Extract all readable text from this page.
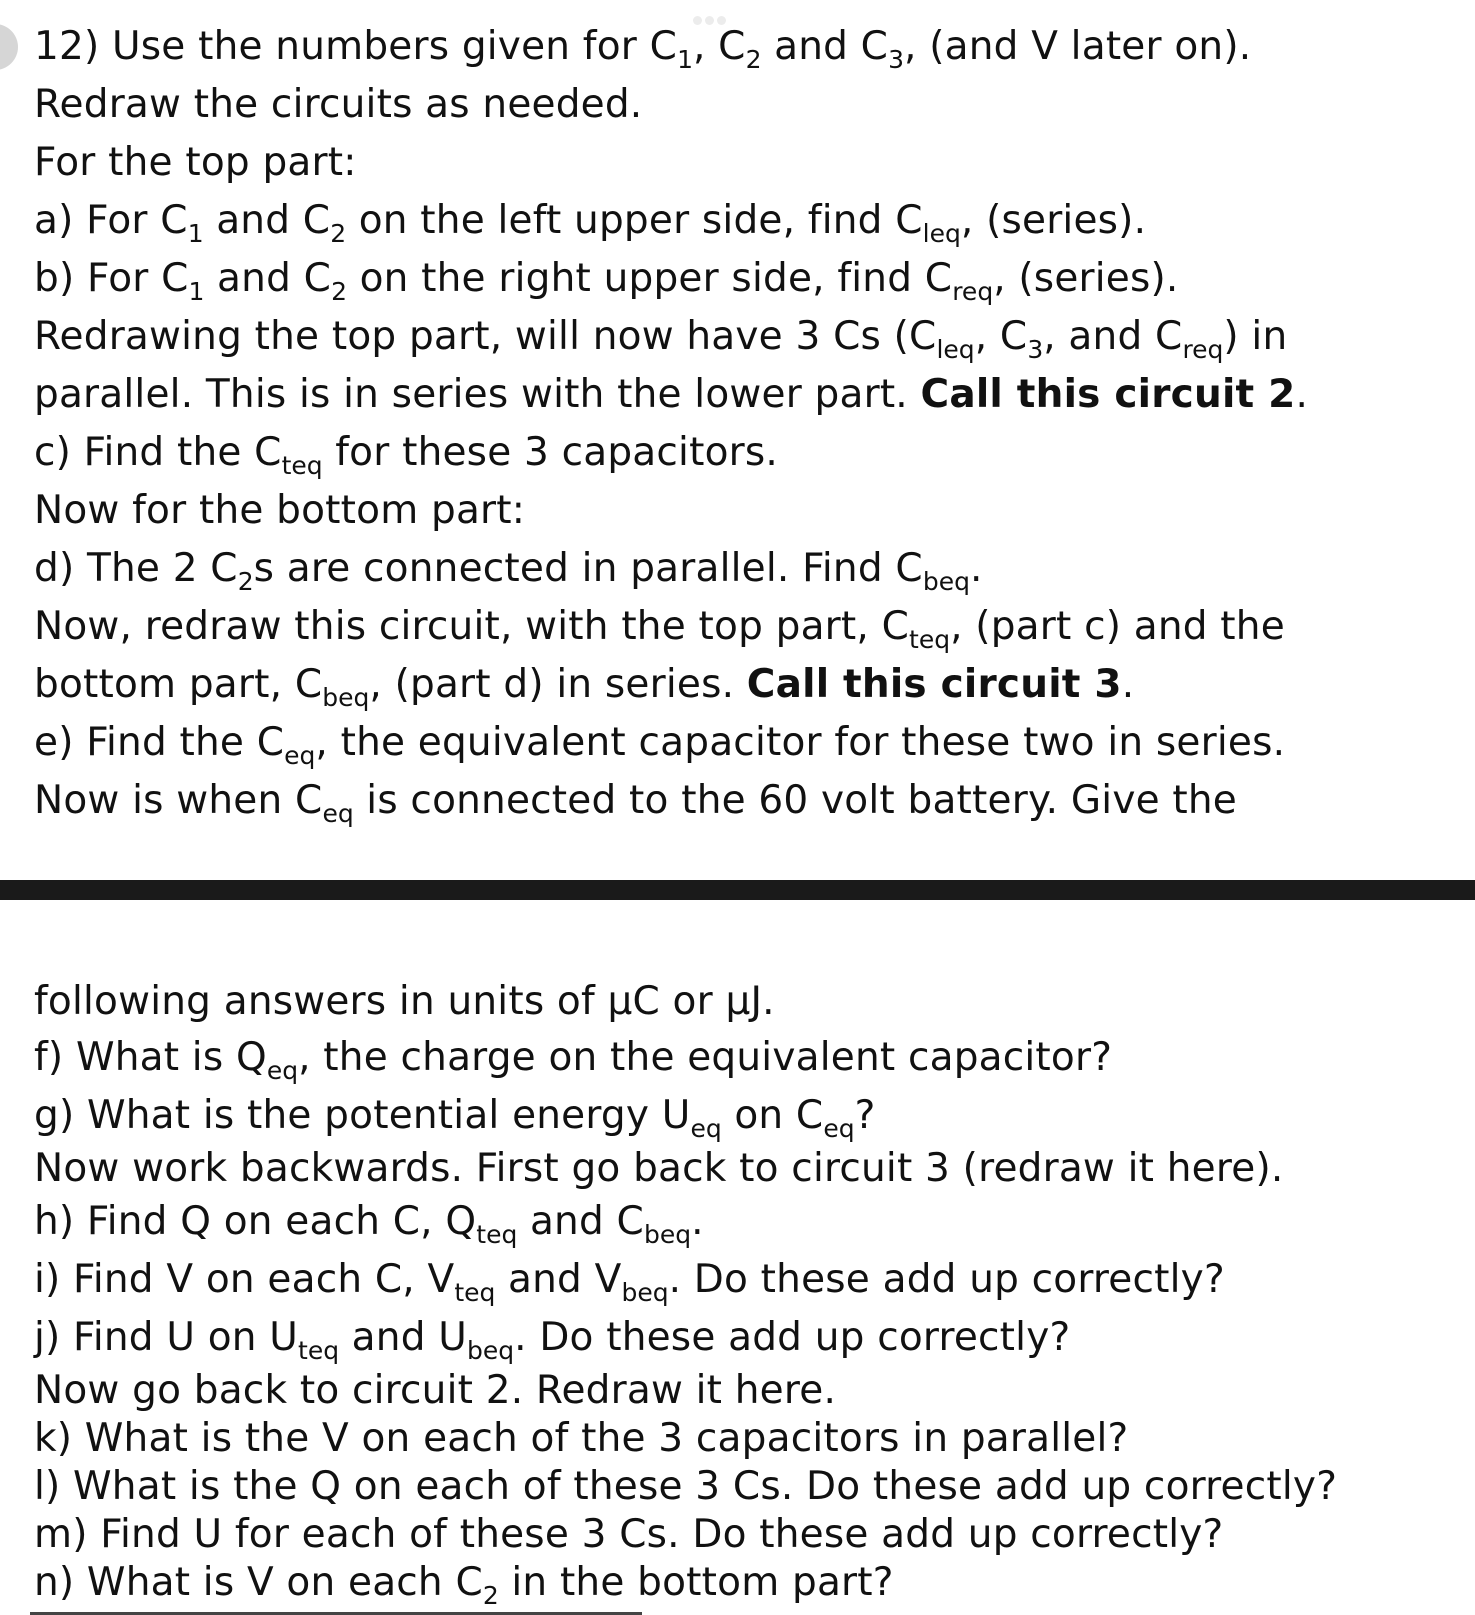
12) Use the numbers given for $C_1$, $C_2$ and $C_3$, (and V later on).
Redraw the circuits as needed.
For the top part:
a) For $C_1$ and $C_2$ on the left upper side, find $C_{leq}$, (series).
b) For $C_1$ and $C_2$ on the right upper side, find $C_{req}$, (series).
Redrawing the top part, will now have 3 Cs ($C_{leq}$, $C_3$, and $C_{req}$) in
parallel. This is in series with the lower part. Call this circuit 2.
c) Find the $C_{teq}$ for these 3 capacitors.
Now for the bottom part:
d) The 2 $C_2s$ are connected in parallel. Find $C_{beq}$.
Now, redraw this circuit, with the top part, $C_{teq}$, (part c) and the
bottom part, $C_{beq}$, (part d) in series. Call this circuit 3.
e) Find the $C_{eq}$, the equivalent capacitor for these two in series.
Now is when $C_{eq}$ is connected to the 60 volt battery. Give the
following answers in units of µC or µJ.
f) What is $Q_{eq}$, the charge on the equivalent capacitor?
g) What is the potential energy $U_{eq}$ on $C_{eq}$?
Now work backwards. First go back to circuit 3 (redraw it here).
h) Find Q on each C, $Q_{teq}$ and $C_{beq}$.
i) Find V on each C, $V_{teq}$ and $V_{beq}$. Do these add up correctly?
j) Find U on $U_{teq}$ and $U_{beq}$. Do these add up correctly?
Now go back to circuit 2. Redraw it here.
k) What is the V on each of the 3 capacitors in parallel?
l) What is the Q on each of these 3 Cs. Do these add up correctly?
m) Find U for each of these 3 Cs. Do these add up correctly?
n) What is V on each $C_2$ in the bottom part?
